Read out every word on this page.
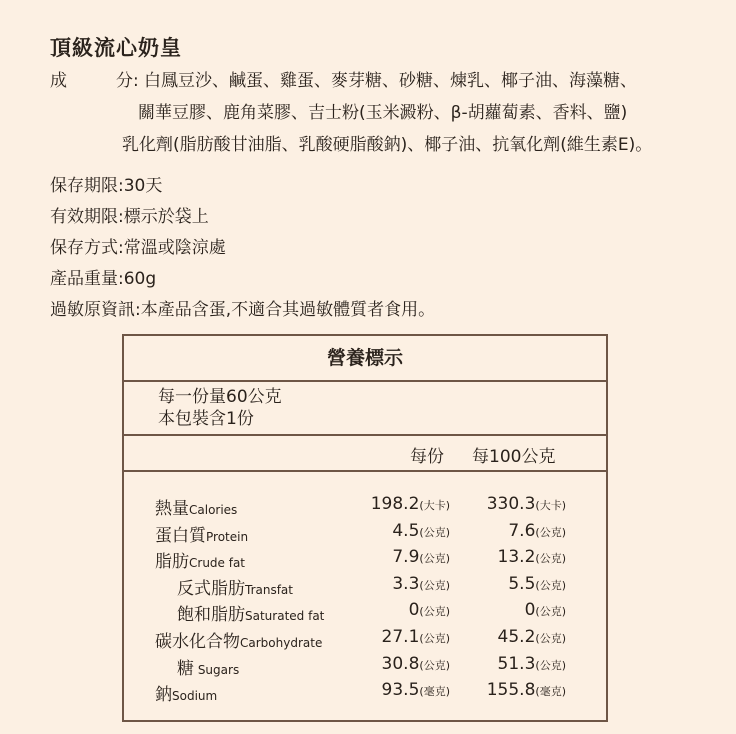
頂級流心奶皇
成	分: 白鳳豆沙、鹹蛋、雞蛋、麥芽糖、砂糖、煉乳、椰子油、海藻糖、
關華豆膠、鹿角菜膠、吉士粉(玉米澱粉、β-胡蘿蔔素、香料、鹽)
乳化劑(脂肪酸甘油脂、乳酸硬脂酸鈉)、椰子油、抗氧化劑(維生素E)。
保存期限:30天
有效期限:標示於袋上
保存方式:常溫或陰涼處
產品重量:60g
過敏原資訊:本產品含蛋,不適合其過敏體質者食用。
營養標示
每一份量60公克
本包裝含1份
每份 每100公克
熱量Calories	198.2(大卡) 330.3(大卡)
蛋白質Protein	4.5(公克)	7.6(公克)
脂肪Crude fat	7.9(公克)	13.2(公克)
反式脂肪Transfat	3.3(公克)	5.5(公克)
飽和脂肪Saturated fat	0(公克)	0(公克)
碳水化合物Carbohydrate	27.1(公克)	45.2(公克)
糖 Sugars	30.8(公克)	51.3(公克)
鈉Sodium	93.5(毫克) 155.8(毫克)
